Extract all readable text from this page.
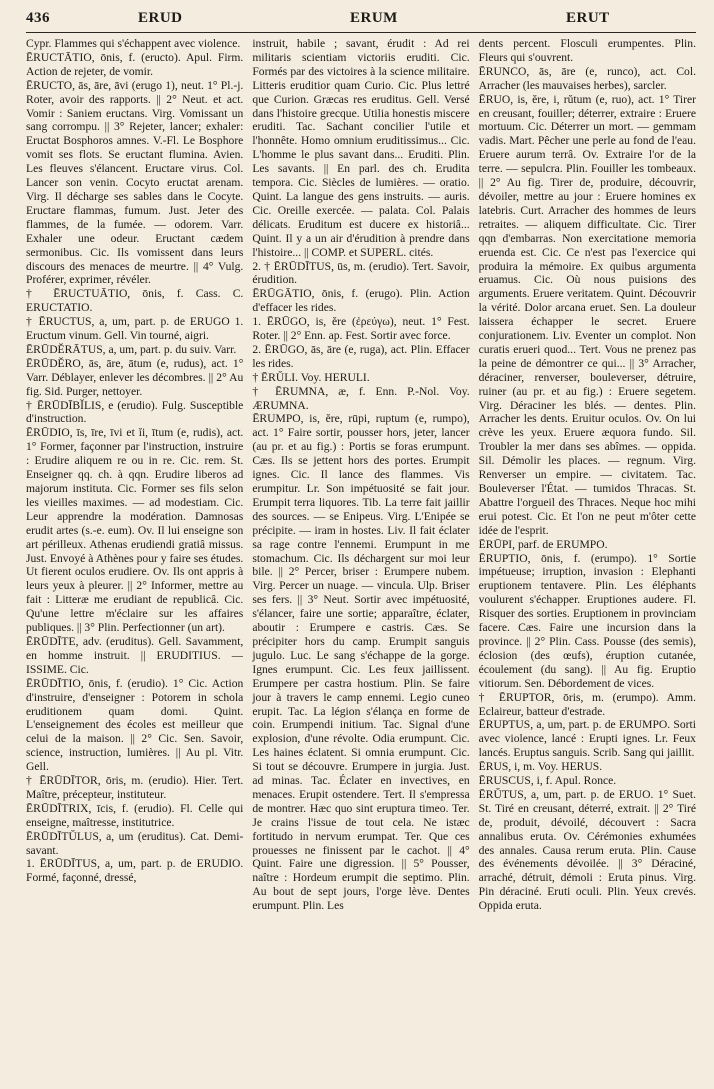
436	ERUD	ERUM	ERUT

Cypr. Flammes qui s'échappent avec violence.

ĒRUCTĀTIO, ōnis, f. (eructo). Apul. Firm. Action de rejeter, de vomir.

ĒRUCTO, ās, āre, āvi (erugo 1), neut. 1° Pl.-j. Roter, avoir des rapports. || 2° Neut. et act. Vomir : Saniem eructans. Virg. Vomissant un sang corrompu. || 3° Rejeter, lancer; exhaler: Eructat Bosphoros amnes. V.-Fl. Le Bosphore vomit ses flots. Se eructant flumina. Avien. Les fleuves s'élancent. Eructare virus. Col. Lancer son venin. Cocyto eructat arenam. Virg. Il décharge ses sables dans le Cocyte. Eructare flammas, fumum. Just. Jeter des flammes, de la fumée. — odorem. Varr. Exhaler une odeur. Eructant cædem sermonibus. Cic. Ils vomissent dans leurs discours des menaces de meurtre. || 4° Vulg. Proférer, exprimer, révéler.

† ĒRUCTUĀTIO, ōnis, f. Cass. C. ERUCTATIO.

† ĒRUCTUS, a, um, part. p. de ERUGO 1. Eructum vinum. Gell. Vin tourné, aigri.

ĒRŪDĔRĀTUS, a, um, part. p. du suiv. Varr.

ĒRŪDĔRO, ās, āre, ātum (e, rudus), act. 1° Varr. Déblayer, enlever les décombres. || 2° Au fig. Sid. Purger, nettoyer.

† ĒRŪDĪBĬLIS, e (erudio). Fulg. Susceptible d'instruction.

ĒRŪDIO, īs, īre, īvi et ĭi, ītum (e, rudis), act. 1° Former, façonner par l'instruction, instruire : Erudire aliquem re ou in re. Cic. rem. St. Enseigner qq. ch. à qqn. Erudire liberos ad majorum instituta. Cic. Former ses fils selon les vieilles maximes. — ad modestiam. Cic. Leur apprendre la modération. Damnosas erudit artes (s.-e. eum). Ov. Il lui enseigne son art périlleux. Athenas erudiendi gratiâ missus. Just. Envoyé à Athènes pour y faire ses études. Ut fierent oculos erudiere. Ov. Ils ont appris à leurs yeux à pleurer. || 2° Informer, mettre au fait : Litteræ me erudiant de republicâ. Cic. Qu'une lettre m'éclaire sur les affaires publiques. || 3° Plin. Perfectionner (un art).

ĒRŪDĪTE, adv. (eruditus). Gell. Savamment, en homme instruit. || ERUDITIUS. — ISSIME. Cic.

ĒRŪDĪTIO, ōnis, f. (erudio). 1° Cic. Action d'instruire, d'enseigner : Potorem in schola eruditionem quam domi. Quint. L'enseignement des écoles est meilleur que celui de la maison. || 2° Cic. Sen. Savoir, science, instruction, lumières. || Au pl. Vitr. Gell.

† ĒRŪDĪTOR, ōris, m. (erudio). Hier. Tert. Maître, précepteur, instituteur.

ĒRŪDĪTRIX, īcis, f. (erudio). Fl. Celle qui enseigne, maîtresse, institutrice.

ĒRŪDĪTŬLUS, a, um (eruditus). Cat. Demi-savant.

1. ĒRŪDĪTUS, a, um, part. p. de ERUDIO. Formé, façonné, dressé,

instruit, habile ; savant, érudit : Ad rei militaris scientiam victoriis eruditi. Cic. Formés par des victoires à la science militaire. Litteris eruditior quam Curio. Cic. Plus lettré que Curion. Græcas res eruditus. Gell. Versé dans l'histoire grecque. Utilia honestis miscere eruditi. Tac. Sachant concilier l'utile et l'honnête. Homo omnium eruditissimus... Cic. L'homme le plus savant dans... Eruditi. Plin. Les savants. || En parl. des ch. Erudita tempora. Cic. Siècles de lumières. — oratio. Quint. La langue des gens instruits. — auris. Cic. Oreille exercée. — palata. Col. Palais délicats. Eruditum est ducere ex historiâ... Quint. Il y a un air d'érudition à prendre dans l'histoire... || COMP. et SUPERL. cités.

2. † ĒRŪDĪTUS, ūs, m. (erudio). Tert. Savoir, érudition.

ĒRŪGĀTIO, ōnis, f. (erugo). Plin. Action d'effacer les rides.

1. ĒRŪGO, is, ĕre (ἐρεύγω), neut. 1° Fest. Roter. || 2° Enn. ap. Fest. Sortir avec force.

2. ĒRŪGO, ās, āre (e, ruga), act. Plin. Effacer les rides.

† ĒRŬLI. Voy. HERULI.

† ĒRUMNA, æ, f. Enn. P.-Nol. Voy. ÆRUMNA.

ĒRUMPO, is, ĕre, rūpi, ruptum (e, rumpo), act. 1° Faire sortir, pousser hors, jeter, lancer (au pr. et au fig.) : Portis se foras erumpunt. Cæs. Ils se jettent hors des portes. Erumpit ignes. Cic. Il lance des flammes. Vis erumpitur. Lr. Son impétuosité se fait jour. Erumpit terra liquores. Tib. La terre fait jaillir des sources. — se Enipeus. Virg. L'Enipée se précipite. — iram in hostes. Liv. Il fait éclater sa rage contre l'ennemi. Erumpunt in me stomachum. Cic. Ils déchargent sur moi leur bile. || 2° Percer, briser : Erumpere nubem. Virg. Percer un nuage. — vincula. Ulp. Briser ses fers. || 3° Neut. Sortir avec impétuosité, s'élancer, faire une sortie; apparaître, éclater, aboutir : Erumpere e castris. Cæs. Se précipiter hors du camp. Erumpit sanguis jugulo. Luc. Le sang s'échappe de la gorge. Ignes erumpunt. Cic. Les feux jaillissent. Erumpere per castra hostium. Plin. Se faire jour à travers le camp ennemi. Legio cuneo erupit. Tac. La légion s'élança en forme de coin. Erumpendi initium. Tac. Signal d'une explosion, d'une révolte. Odia erumpunt. Cic. Les haines éclatent. Si omnia erumpunt. Cic. Si tout se découvre. Erumpere in jurgia. Just. ad minas. Tac. Éclater en invectives, en menaces. Erupit ostendere. Tert. Il s'empressa de montrer. Hæc quo sint eruptura timeo. Ter. Je crains l'issue de tout cela. Ne istæc fortitudo in nervum erumpat. Ter. Que ces prouesses ne finissent par le cachot. || 4° Quint. Faire une digression. || 5° Pousser, naître : Hordeum erumpit die septimo. Plin. Au bout de sept jours, l'orge lève. Dentes erumpunt. Plin. Les

dents percent. Flosculi erumpentes. Plin. Fleurs qui s'ouvrent.

ĒRUNCO, ās, āre (e, runco), act. Col. Arracher (les mauvaises herbes), sarcler.

ĒRUO, is, ĕre, i, rŭtum (e, ruo), act. 1° Tirer en creusant, fouiller; déterrer, extraire : Eruere mortuum. Cic. Déterrer un mort. — gemmam vadis. Mart. Pêcher une perle au fond de l'eau. Eruere aurum terrâ. Ov. Extraire l'or de la terre. — sepulcra. Plin. Fouiller les tombeaux. || 2° Au fig. Tirer de, produire, découvrir, dévoiler, mettre au jour : Eruere homines ex latebris. Curt. Arracher des hommes de leurs retraites. — aliquem difficultate. Cic. Tirer qqn d'embarras. Non exercitatione memoria eruenda est. Cic. Ce n'est pas l'exercice qui produira la mémoire. Ex quibus argumenta eruamus. Cic. Où nous puisions des arguments. Eruere veritatem. Quint. Découvrir la vérité. Dolor arcana eruet. Sen. La douleur laissera échapper le secret. Eruere conjurationem. Liv. Eventer un complot. Non curatis erueri quod... Tert. Vous ne prenez pas la peine de démontrer ce qui... || 3° Arracher, déraciner, renverser, bouleverser, détruire, ruiner (au pr. et au fig.) : Eruere segetem. Virg. Déraciner les blés. — dentes. Plin. Arracher les dents. Eruitur oculos. Ov. On lui crève les yeux. Eruere æquora fundo. Sil. Troubler la mer dans ses abîmes. — oppida. Sil. Démolir les places. — regnum. Virg. Renverser un empire. — civitatem. Tac. Bouleverser l'État. — tumidos Thracas. St. Abattre l'orgueil des Thraces. Neque hoc mihi erui potest. Cic. Et l'on ne peut m'ôter cette idée de l'esprit.

ĒRŪPI, parf. de ERUMPO.

ĒRUPTIO, ōnis, f. (erumpo). 1° Sortie impétueuse; irruption, invasion : Elephanti eruptionem tentavere. Plin. Les éléphants voulurent s'échapper. Eruptiones audere. Fl. Risquer des sorties. Eruptionem in provinciam facere. Cæs. Faire une incursion dans la province. || 2° Plin. Cass. Pousse (des semis), éclosion (des œufs), éruption cutanée, écoulement (du sang). || Au fig. Eruptio vitiorum. Sen. Débordement de vices.

† ĒRUPTOR, ōris, m. (erumpo). Amm. Eclaireur, batteur d'estrade.

ĒRUPTUS, a, um, part. p. de ERUMPO. Sorti avec violence, lancé : Erupti ignes. Lr. Feux lancés. Eruptus sanguis. Scrib. Sang qui jaillit.

ĒRUS, i, m. Voy. HERUS.

ĒRUSCUS, i, f. Apul. Ronce.

ĒRŬTUS, a, um, part. p. de ERUO. 1° Suet. St. Tiré en creusant, déterré, extrait. || 2° Tiré de, produit, dévoilé, découvert : Sacra annalibus eruta. Ov. Cérémonies exhumées des annales. Causa rerum eruta. Plin. Cause des événements dévoilée. || 3° Déraciné, arraché, détruit, démoli : Eruta pinus. Virg. Pin déraciné. Eruti oculi. Plin. Yeux crevés. Oppida eruta.
